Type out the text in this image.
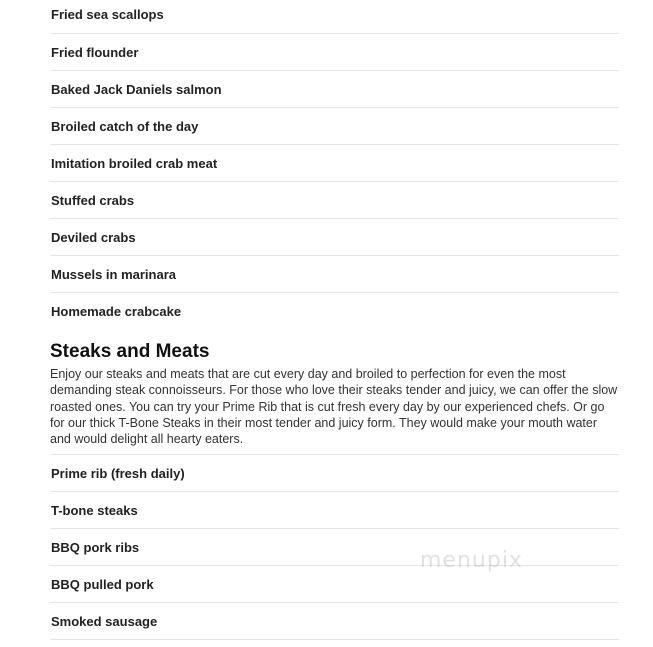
Fried sea scallops
Fried flounder
Baked Jack Daniels salmon
Broiled catch of the day
Imitation broiled crab meat
Stuffed crabs
Deviled crabs
Mussels in marinara
Homemade crabcake
Steaks and Meats

Enjoy our steaks and meats that are cut every day and broiled to perfection for even the most demanding steak connoisseurs. For those who love their steaks tender and juicy, we can offer the slow roasted ones. You can try your Prime Rib that is cut fresh every day by our experienced chefs. Or go for our thick T-Bone Steaks in their most tender and juicy form. They would make your mouth water and would delight all hearty eaters.

Prime rib (fresh daily)
T-bone steaks
BBQ pork ribs
BBQ pulled pork
Smoked sausage
menupix
